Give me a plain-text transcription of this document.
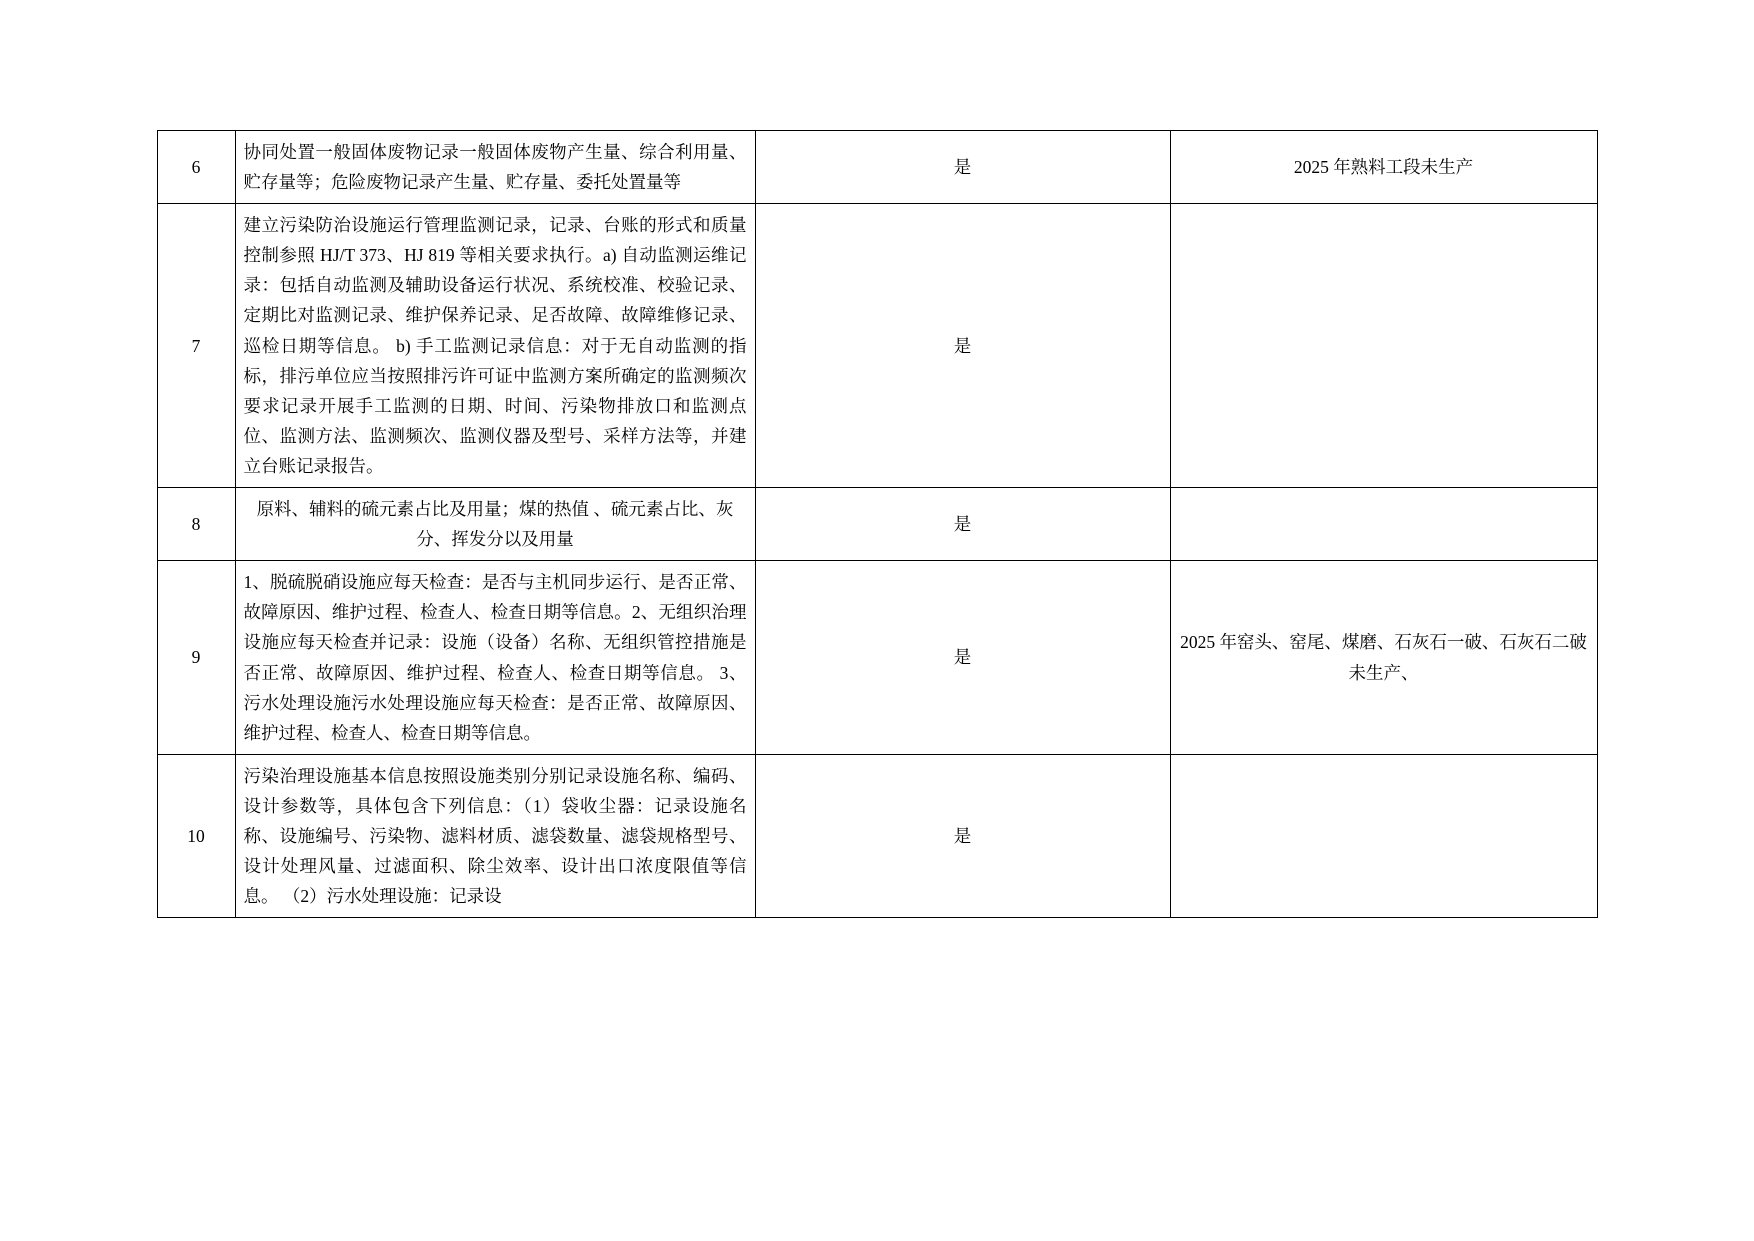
6	协同处置一般固体废物记录一般固体废物产生量、综合利用量、贮存量等；危险废物记录产生量、贮存量、委托处置量等	是	2025 年熟料工段未生产

7	建立污染防治设施运行管理监测记录，记录、台账的形式和质量控制参照 HJ/T 373、HJ 819 等相关要求执行。a) 自动监测运维记录：包括自动监测及辅助设备运行状况、系统校准、校验记录、定期比对监测记录、维护保养记录、足否故障、故障维修记录、巡检日期等信息。 b) 手工监测记录信息：对于无自动监测的指标，排污单位应当按照排污许可证中监测方案所确定的监测频次要求记录开展手工监测的日期、时间、污染物排放口和监测点位、监测方法、监测频次、监测仪器及型号、采样方法等，并建立台账记录报告。	是	

8	原料、辅料的硫元素占比及用量；煤的热值 、硫元素占比、灰分、挥发分以及用量	是	

9	1、脱硫脱硝设施应每天检查：是否与主机同步运行、是否正常、故障原因、维护过程、检查人、检查日期等信息。2、无组织治理设施应每天检查并记录：设施（设备）名称、无组织管控措施是否正常、故障原因、维护过程、检查人、检查日期等信息。 3、污水处理设施污水处理设施应每天检查：是否正常、故障原因、维护过程、检查人、检查日期等信息。	是	2025 年窑头、窑尾、煤磨、石灰石一破、石灰石二破未生产、

10	污染治理设施基本信息按照设施类别分别记录设施名称、编码、设计参数等，具体包含下列信息：（1）袋收尘器：记录设施名称、设施编号、污染物、滤料材质、滤袋数量、滤袋规格型号、设计处理风量、过滤面积、除尘效率、设计出口浓度限值等信息。 （2）污水处理设施：记录设	是	
